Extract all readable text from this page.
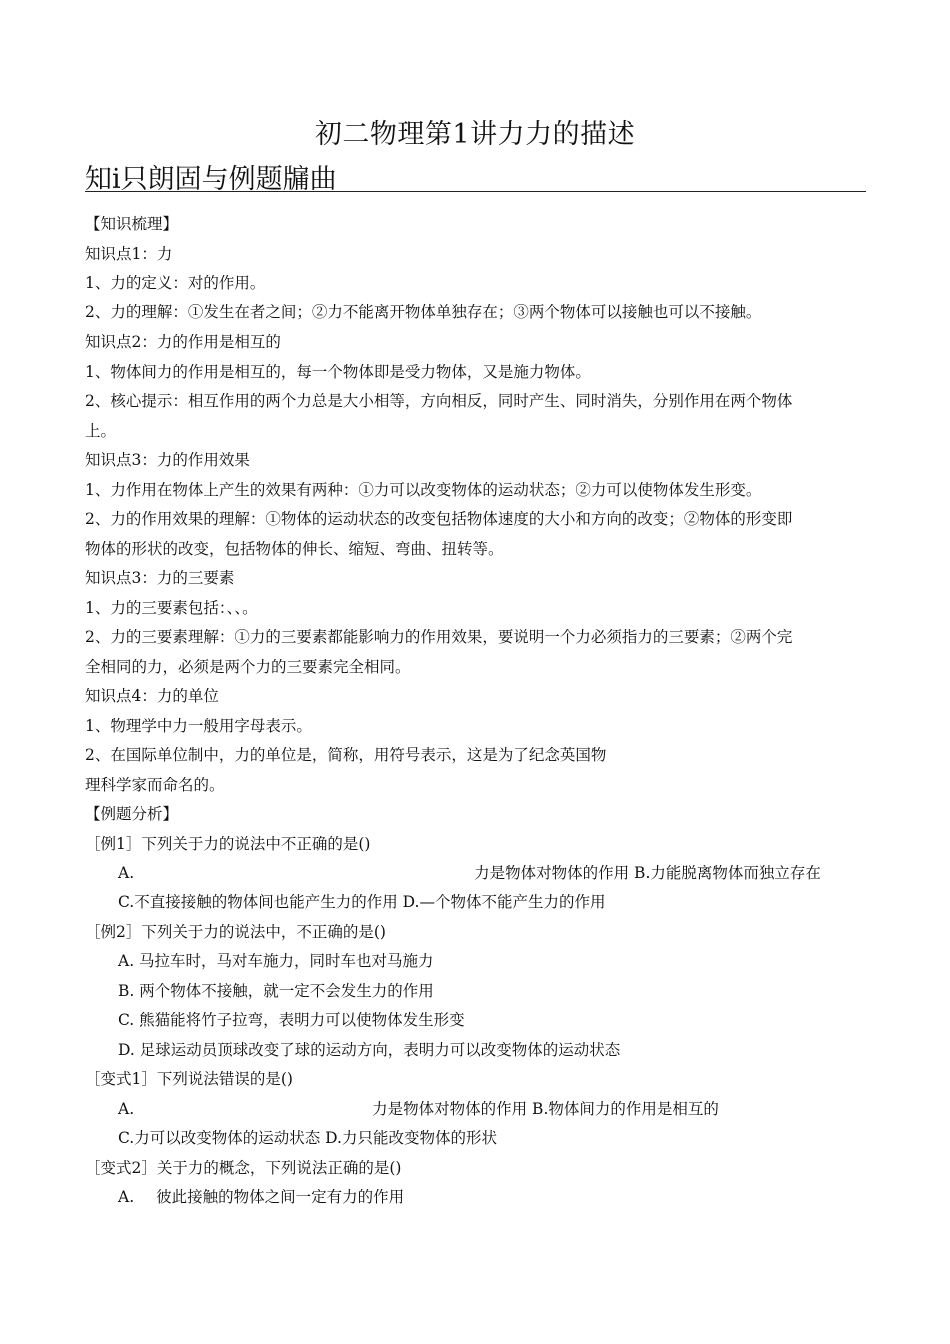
初二物理第1讲力力的描述
知i只朗固与例题牖曲
【知识梳理】
知识点1：力
1、力的定义：对的作用。
2、力的理解：①发生在者之间；②力不能离开物体单独存在；③两个物体可以接触也可以不接触。
知识点2：力的作用是相互的
1、物体间力的作用是相互的，每一个物体即是受力物体，又是施力物体。
2、核心提示：相互作用的两个力总是大小相等，方向相反，同时产生、同时消失，分别作用在两个物体
上。
知识点3：力的作用效果
1、力作用在物体上产生的效果有两种：①力可以改变物体的运动状态；②力可以使物体发生形变。
2、力的作用效果的理解：①物体的运动状态的改变包括物体速度的大小和方向的改变；②物体的形变即
物体的形状的改变，包括物体的伸长、缩短、弯曲、扭转等。
知识点3：力的三要素
1、力的三要素包括：、、。
2、力的三要素理解：①力的三要素都能影响力的作用效果，要说明一个力必须指力的三要素；②两个完
全相同的力，必须是两个力的三要素完全相同。
知识点4：力的单位
1、物理学中力一般用字母表示。
2、在国际单位制中，力的单位是，简称，用符号表示，这是为了纪念英国物
理科学家而命名的。
【例题分析】
［例1］下列关于力的说法中不正确的是()
A.	力是物体对物体的作用 B.力能脱离物体而独立存在
C.不直接接触的物体间也能产生力的作用 D.—个物体不能产生力的作用
［例2］下列关于力的说法中，不正确的是()
A. 马拉车时，马对车施力，同时车也对马施力
B. 两个物体不接触，就一定不会发生力的作用
C. 熊猫能将竹子拉弯，表明力可以使物体发生形变
D. 足球运动员顶球改变了球的运动方向，表明力可以改变物体的运动状态
［变式1］下列说法错误的是()
A.	力是物体对物体的作用 B.物体间力的作用是相互的
C.力可以改变物体的运动状态 D.力只能改变物体的形状
［变式2］关于力的概念，下列说法正确的是()
A. 彼此接触的物体之间一定有力的作用
